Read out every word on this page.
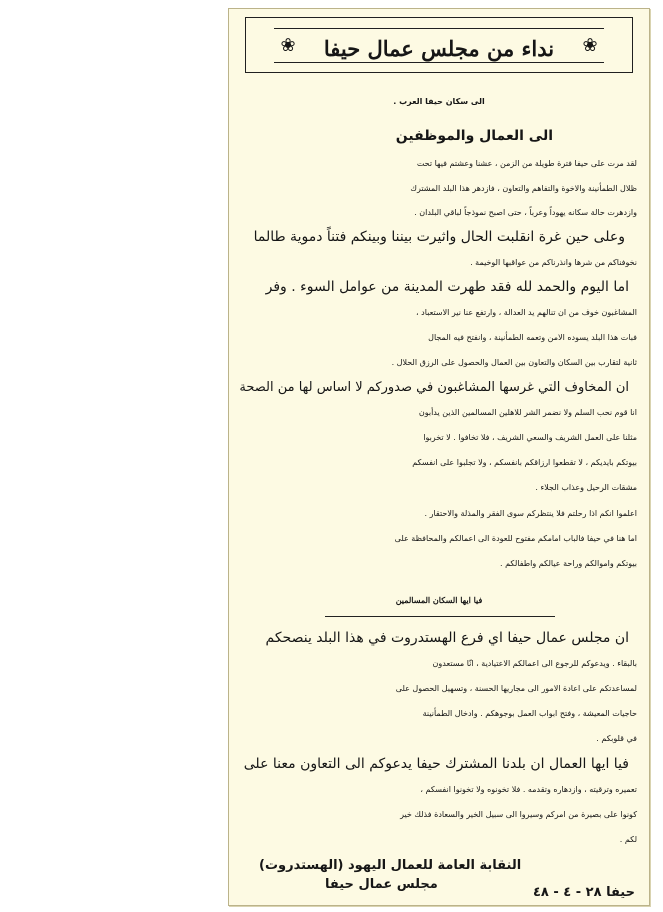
❀
❀	نداء من مجلس عمال حيفا
الى سكان حيفا العرب .
الى العمال والموظفين
لقد مرت على حيفا فترة طويلة من الزمن ، عشنا وعشتم فيها تحت
ظلال الطمأنينة والاخوة والتفاهم والتعاون ، فازدهر هذا البلد المشترك
وازدهرت حالة سكانه يهوداً وعرباً ، حتى اصبح نموذجاً لباقي البلدان .
وعلى حين غرة انقلبت الحال واثيرت بيننا وبينكم فتناً دموية طالما
نخوفناكم من شرها وانذرناكم من عواقبها الوخيمة .
اما اليوم والحمد لله فقد طهرت المدينة من عوامل السوء . وفر
المشاغبون خوف من ان تنالهم يد العدالة ، وارتفع عنا نير الاستعباد ،
فبات هذا البلد يسوده الامن وتعمه الطمأنينة ، وانفتح فيه المجال
ثانية لتقارب بين السكان والتعاون بين العمال والحصول على الرزق الحلال .
ان المخاوف التي غرسها المشاغبون في صدوركم لا اساس لها من الصحة
انا قوم نحب السلم ولا نضمر الشر للاهلين المسالمين الذين يدأبون
مثلنا على العمل الشريف والسعي الشريف ، فلا تخافوا . لا تخربوا
بيوتكم بايديكم ، لا تقطعوا ارزاقكم بانفسكم ، ولا تجلبوا على انفسكم
مشقات الرحيل وعذاب الجلاء .
اعلموا انكم اذا رحلتم فلا ينتظركم سوى الفقر والمذلة والاحتقار .
اما هنا في حيفا فالباب امامكم مفتوح للعودة الى اعمالكم والمحافظة على
بيوتكم واموالكم وراحة عيالكم واطفالكم .
فيا ايها السكان المسالمين
ان مجلس عمال حيفا اي فرع الهستدروت في هذا البلد ينصحكم
بالبقاء . ويدعوكم للرجوع الى اعمالكم الاعتيادية ، انّا مستعدون
لمساعدتكم على اعادة الامور الى مجاريها الحسنة ، وتسهيل الحصول على
حاجيات المعيشة ، وفتح ابواب العمل بوجوهكم . وادخال الطمأنينة
في قلوبكم .
فيا ايها العمال ان بلدنا المشترك حيفا يدعوكم الى التعاون معنا على
تعميره وترقيته ، وازدهاره وتقدمه . فلا تخونوه ولا تخونوا انفسكم ،
كونوا على بصيرة من امركم وسيروا الى سبيل الخير والسعادة فذلك خير
لكم .
النقابة العامة للعمال اليهود (الهستدروت)
مجلس عمال حيفا
حيفا ٢٨ - ٤ - ٤٨
